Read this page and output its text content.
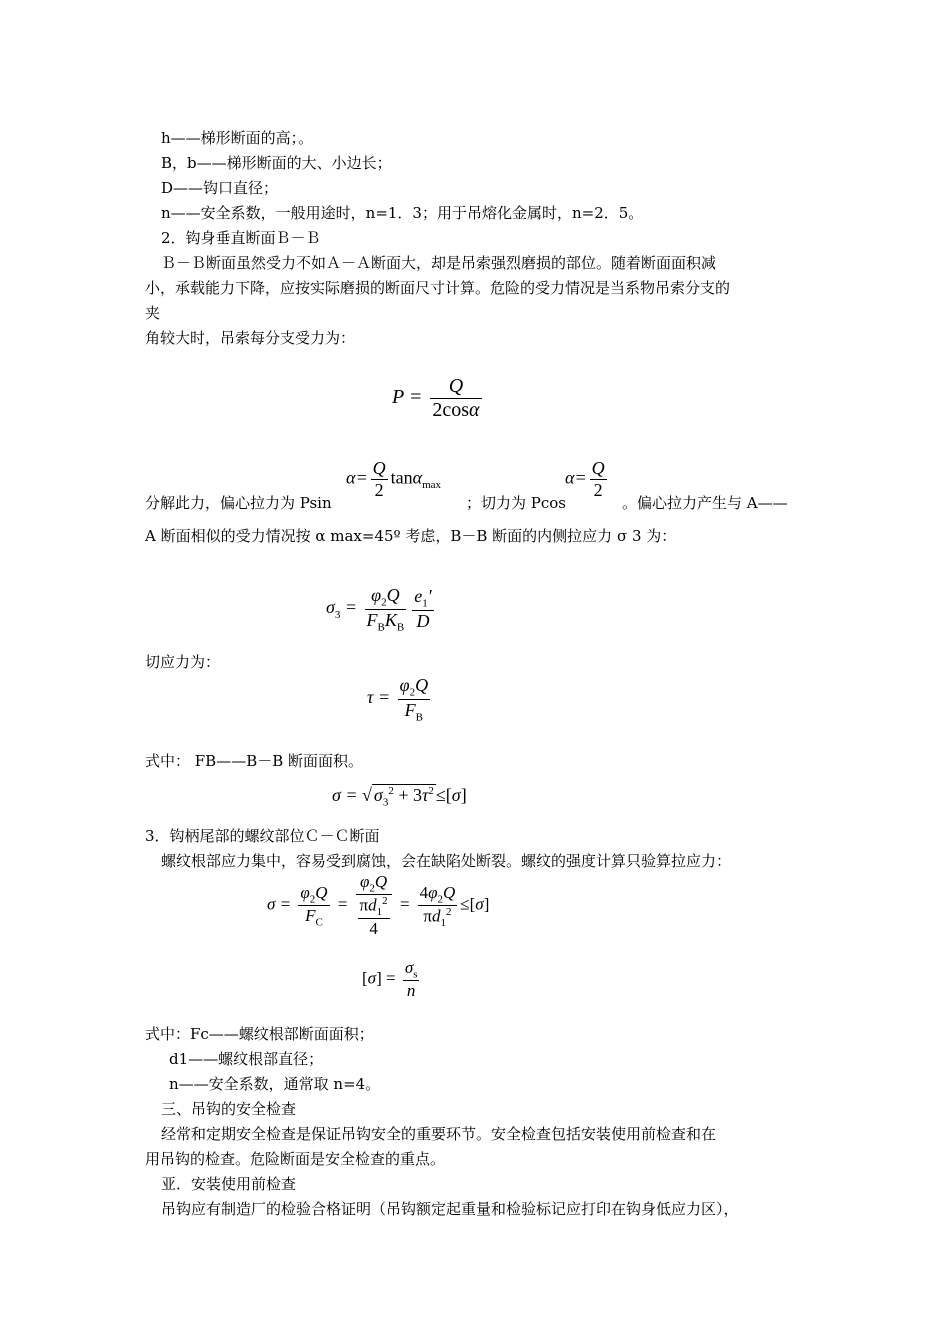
h——梯形断面的高；。
B，b——梯形断面的大、小边长；
D——钩口直径；
n——安全系数，一般用途时，n=1．3；用于吊熔化金属时，n=2．5。
2．钩身垂直断面Ｂ－Ｂ
Ｂ－Ｂ断面虽然受力不如Ａ－Ａ断面大，却是吊索强烈磨损的部位。随着断面面积减
小，承载能力下降，应按实际磨损的断面尺寸计算。危险的受力情况是当系物吊索分支的
夹
角较大时，吊索每分支受力为：
$P = \frac{Q}{2\cos\alpha}$
分解此力，偏心拉力为 Psin
$\alpha= \frac{Q}{2} \tan\alpha_{max}$
；切力为 Pcos
$\alpha= \frac{Q}{2}$
。偏心拉力产生与 A——
A 断面相似的受力情况按 α max=45º 考虑，B－B 断面的内侧拉应力 σ 3 为：
$\sigma_3 = \frac{\varphi_2Q}{F_BK_B} \frac{e_1'}{D}$
切应力为：
$\tau = \frac{\varphi_2Q}{F_B}$
式中： FB——B－B 断面面积。
σ = √ $\sigma_3^2 + 3\tau^2 \le[\sigma]$
3．钩柄尾部的螺纹部位Ｃ－Ｃ断面
螺纹根部应力集中，容易受到腐蚀，会在缺陷处断裂。螺纹的强度计算只验算拉应力：
$\sigma = \frac{\varphi_2Q}{F_C} = \frac{\varphi_2Q}{\frac{\pi d_1^2}{4}} = \frac{4\varphi_2Q}{\pi d_1^2} \le[\sigma]$
$[\sigma] = \frac{\sigma_s}{n}$
式中：Fc——螺纹根部断面面积；
d1——螺纹根部直径；
n——安全系数，通常取 n=4。
三、吊钩的安全检查
经常和定期安全检查是保证吊钩安全的重要环节。安全检查包括安装使用前检查和在
用吊钩的检查。危险断面是安全检查的重点。
亚．安装使用前检查
吊钩应有制造厂的检验合格证明（吊钩额定起重量和检验标记应打印在钩身低应力区），
